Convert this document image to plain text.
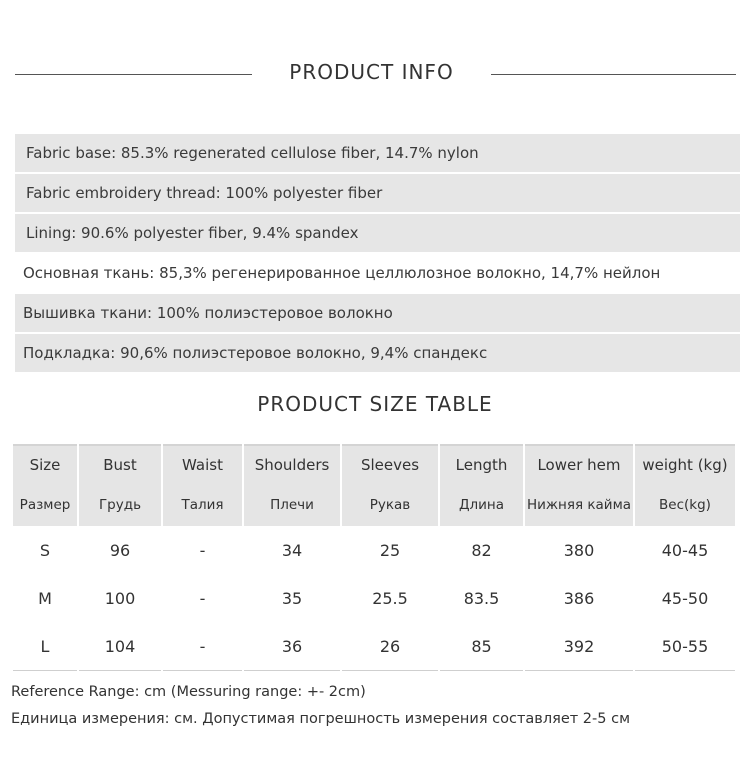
PRODUCT INFO
Fabric base: 85.3% regenerated cellulose fiber, 14.7% nylon
Fabric embroidery thread: 100% polyester fiber
Lining: 90.6% polyester fiber, 9.4% spandex
Основная ткань: 85,3% регенерированное целлюлозное волокно, 14,7% нейлон
Вышивка ткани: 100% полиэстеровое волокно
Подкладка: 90,6% полиэстеровое волокно, 9,4% спандекс
PRODUCT SIZE TABLE
Size	Bust	Waist	Shoulders	Sleeves	Length	Lower hem	weight (kg)
Размер	Грудь	Талия	Плечи	Рукав	Длина	Нижняя кайма	Вес(kg)
S	96	-	34	25	82	380	40-45
M	100	-	35	25.5	83.5	386	45-50
L	104	-	36	26	85	392	50-55
Reference Range: cm (Messuring range: +- 2cm)
Единица измерения: см. Допустимая погрешность измерения составляет 2-5 см
